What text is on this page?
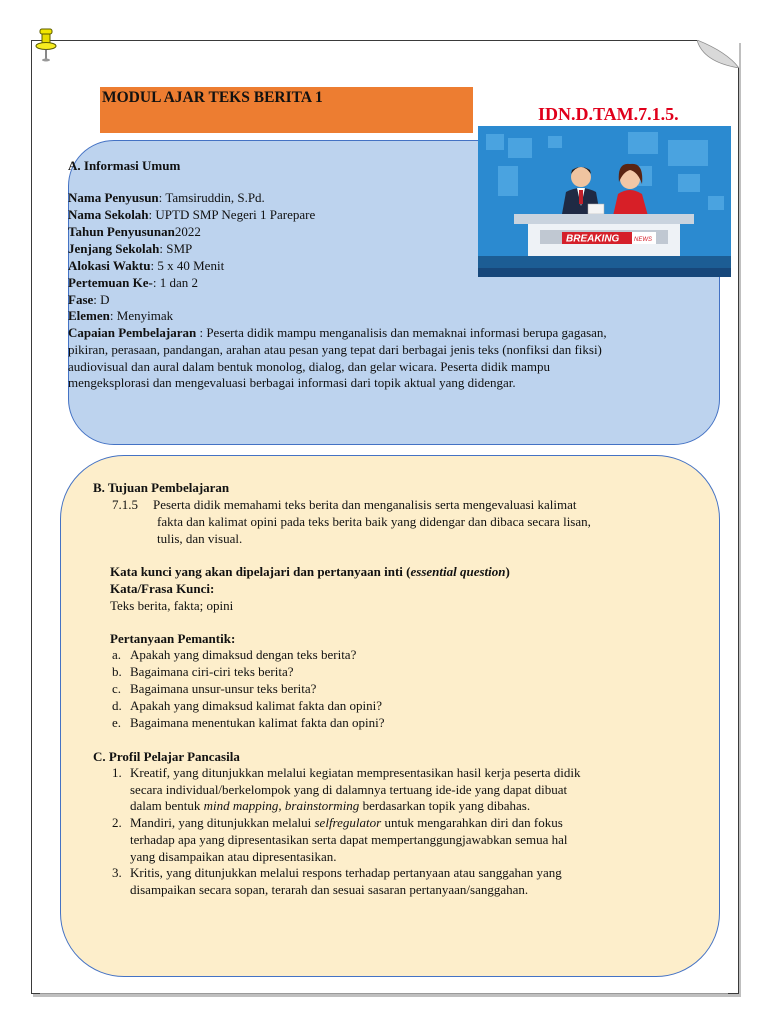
MODUL AJAR TEKS BERITA 1
IDN.D.TAM.7.1.5.
BREAKING NEWS
A. Informasi Umum
Nama Penyusun: Tamsiruddin, S.Pd.
Nama Sekolah: UPTD SMP Negeri 1 Parepare
Tahun Penyusunan2022
Jenjang Sekolah: SMP
Alokasi Waktu: 5 x 40 Menit
Pertemuan Ke-: 1 dan 2
Fase: D
Elemen: Menyimak
Capaian Pembelajaran : Peserta didik mampu menganalisis dan memaknai informasi berupa gagasan,
pikiran, perasaan, pandangan, arahan atau pesan yang tepat dari berbagai jenis teks (nonfiksi dan fiksi)
audiovisual dan aural dalam bentuk monolog, dialog, dan gelar wicara. Peserta didik mampu
mengeksplorasi dan mengevaluasi berbagai informasi dari topik aktual yang didengar.
B. Tujuan Pembelajaran
7.1.5 Peserta didik memahami teks berita dan menganalisis serta mengevaluasi kalimat
fakta dan kalimat opini pada teks berita baik yang didengar dan dibaca secara lisan,
tulis, dan visual.
Kata kunci yang akan dipelajari dan pertanyaan inti (essential question)
Kata/Frasa Kunci:
Teks berita, fakta; opini
Pertanyaan Pemantik:
a. Apakah yang dimaksud dengan teks berita?
b. Bagaimana ciri-ciri teks berita?
c. Bagaimana unsur-unsur teks berita?
d. Apakah yang dimaksud kalimat fakta dan opini?
e. Bagaimana menentukan kalimat fakta dan opini?
C. Profil Pelajar Pancasila
1. Kreatif, yang ditunjukkan melalui kegiatan mempresentasikan hasil kerja peserta didik
secara individual/berkelompok yang di dalamnya tertuang ide-ide yang dapat dibuat
dalam bentuk mind mapping, brainstorming berdasarkan topik yang dibahas.
2. Mandiri, yang ditunjukkan melalui selfregulator untuk mengarahkan diri dan fokus
terhadap apa yang dipresentasikan serta dapat mempertanggungjawabkan semua hal
yang disampaikan atau dipresentasikan.
3. Kritis, yang ditunjukkan melalui respons terhadap pertanyaan atau sanggahan yang
disampaikan secara sopan, terarah dan sesuai sasaran pertanyaan/sanggahan.
